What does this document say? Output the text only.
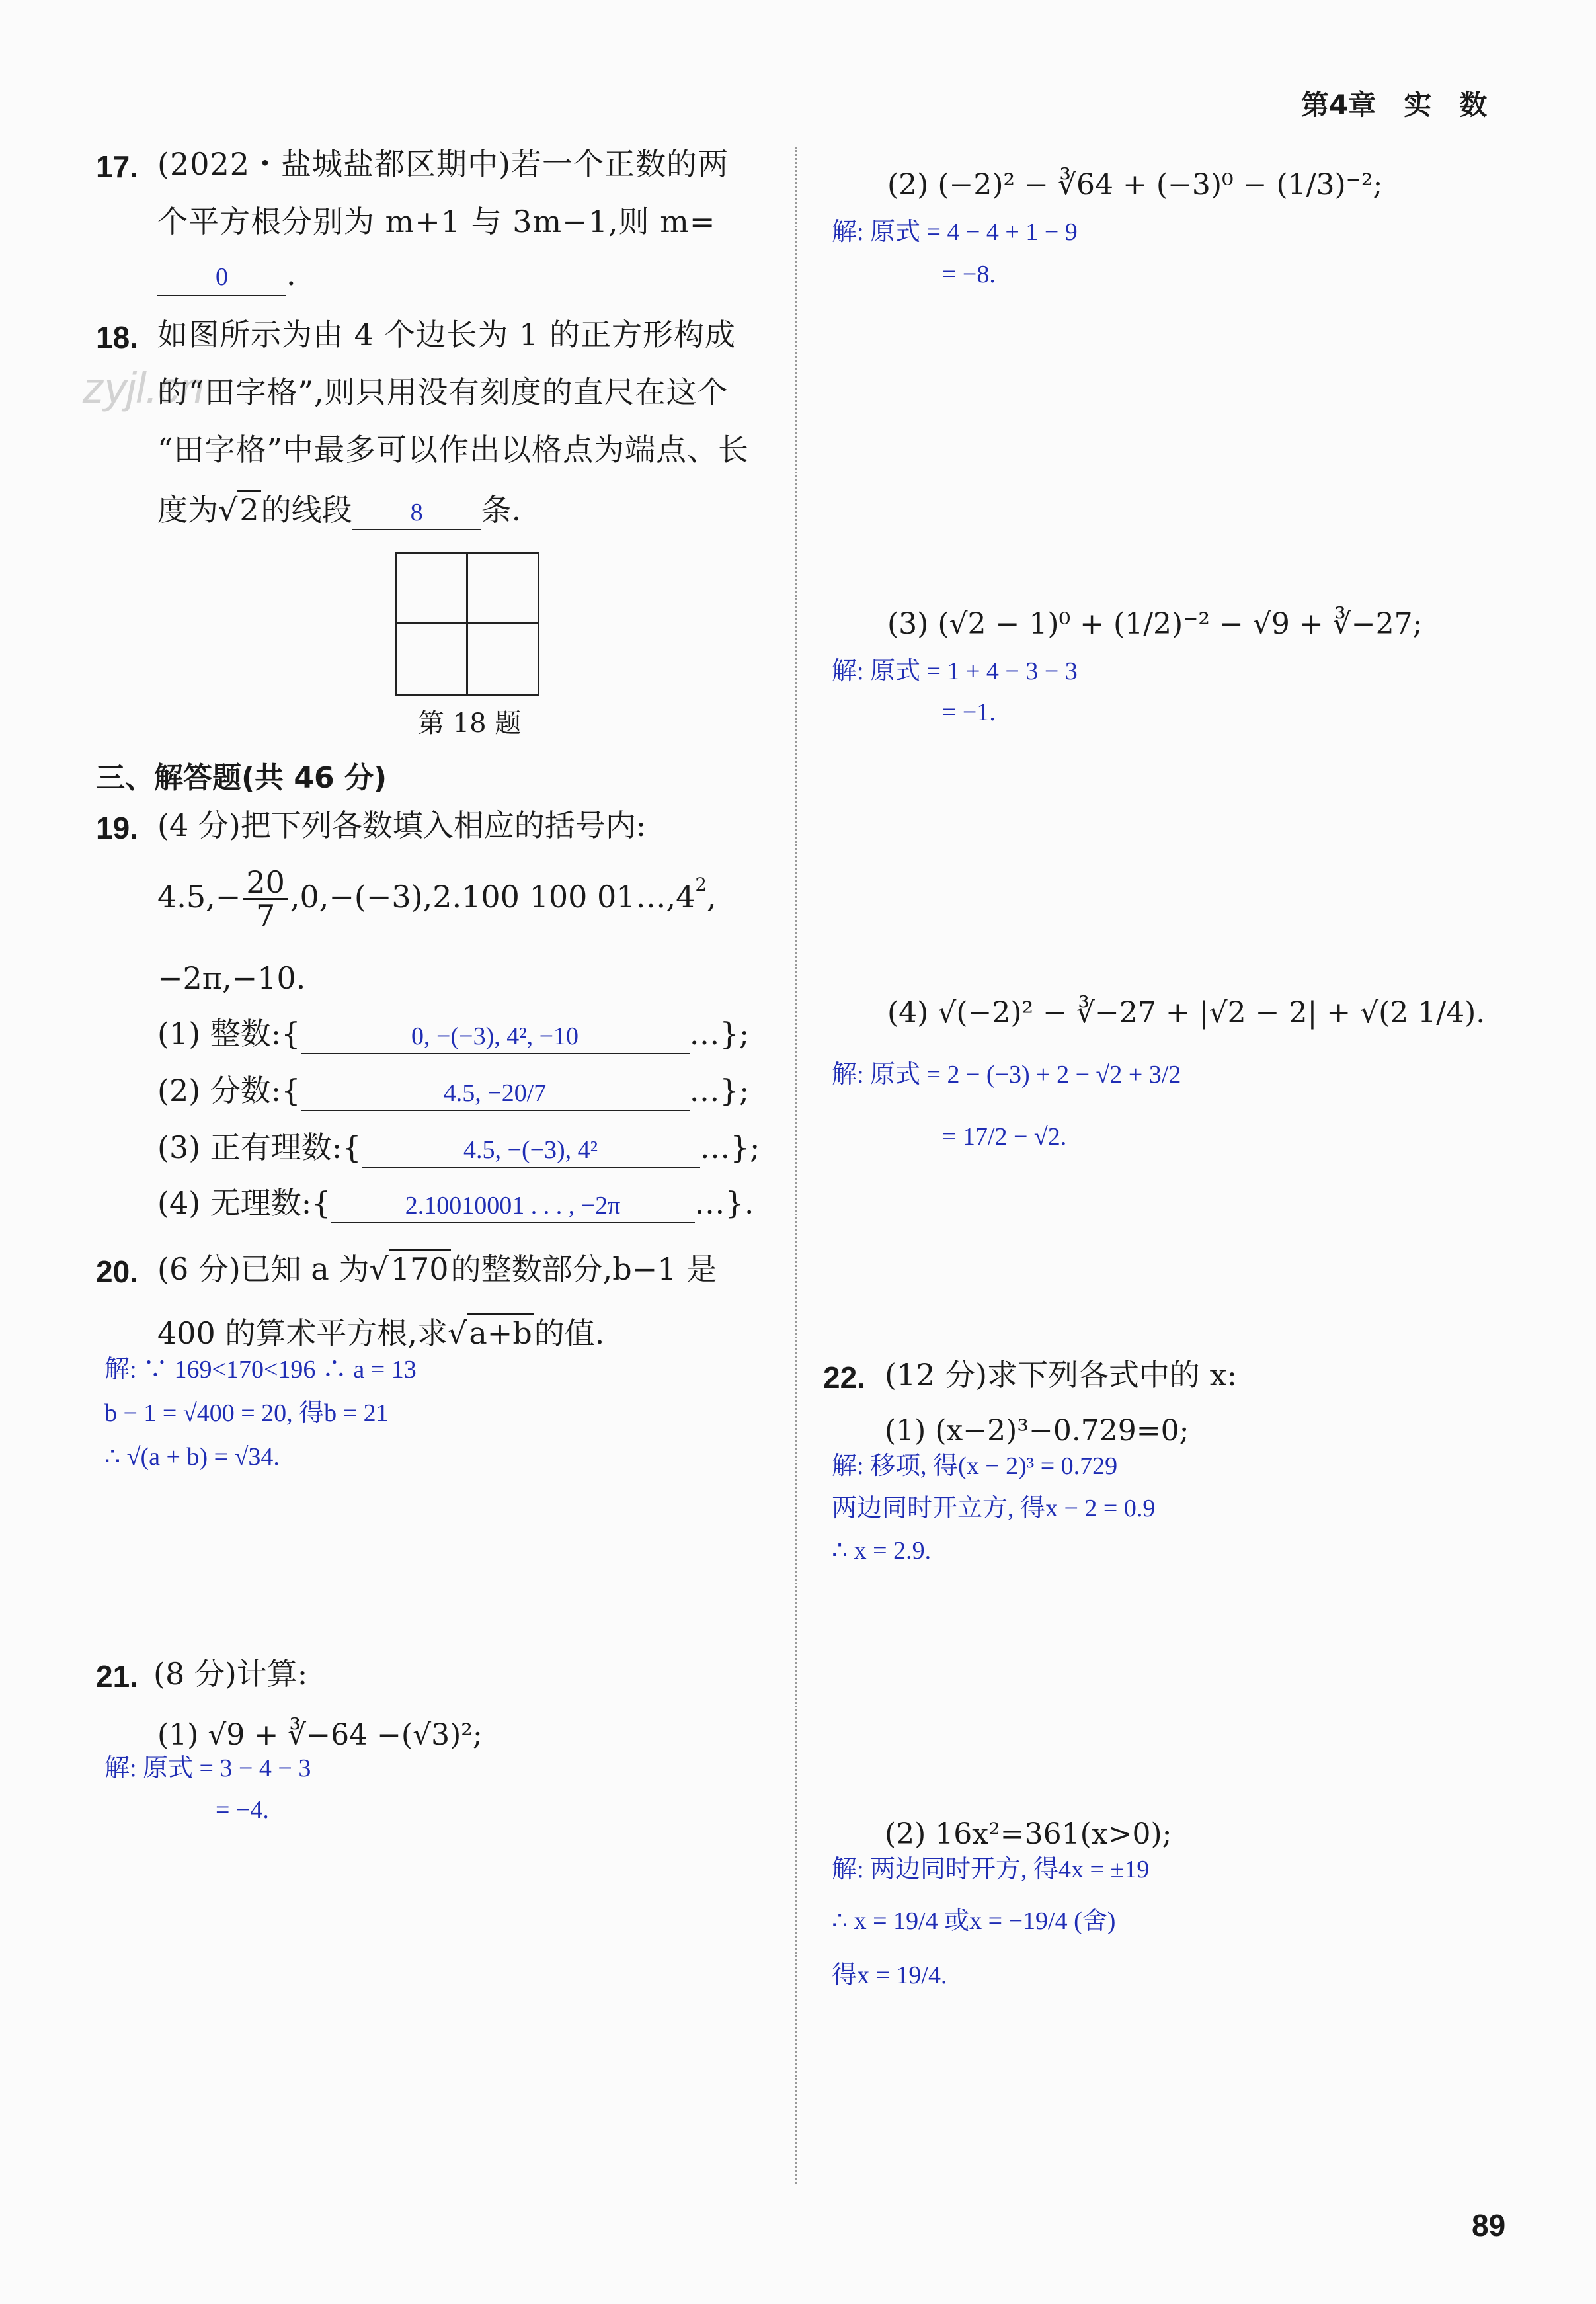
zyjl.cn
第4章　实　数
89
17. (2022・盐城盐都区期中)若一个正数的两
个平方根分别为 m+1 与 3m−1,则 m=
0 .
18. 如图所示为由 4 个边长为 1 的正方形构成
的“田字格”,则只用没有刻度的直尺在这个
“田字格”中最多可以作出以格点为端点、长
度为√2的线段 8 条.
第 18 题
三、解答题(共 46 分)
19. (4 分)把下列各数填入相应的括号内:
$4.5,- \frac{20}{7} ,0,-(-3),2.100$ 100 $01\dots,4^2$,
−2π,−10.
(1) 整数:{	0, −(−3), 4², −10	…};
(2) 分数:{	4.5, −20/7	…};
(3) 正有理数:{	4.5, −(−3), 4²	…};
(4) 无理数:{	2.10010001 . . . , −2π …}.
20. (6 分)已知 a 为√170的整数部分,b−1 是
400 的算术平方根,求√a+b的值.
解: ∵ 169<170<196 ∴ a = 13
b − 1 = √400 = 20, 得b = 21
∴ √(a + b) = √34.
21. (8 分)计算:
(1) √9 + ∛−64 −(√3)²;
解: 原式 = 3 − 4 − 3
= −4.
(2) (−2)² − ∛64 + (−3)⁰ − (1/3)⁻²;
解: 原式 = 4 − 4 + 1 − 9
= −8.
(3) (√2 − 1)⁰ + (1/2)⁻² − √9 + ∛−27;
解: 原式 = 1 + 4 − 3 − 3
= −1.
(4) √(−2)² − ∛−27 + |√2 − 2| + √(2 1/4).
解: 原式 = 2 − (−3) + 2 − √2 + 3/2
= 17/2 − √2.
22. (12 分)求下列各式中的 x:
(1) (x−2)³−0.729=0;
解: 移项, 得(x − 2)³ = 0.729
两边同时开立方, 得x − 2 = 0.9
∴ x = 2.9.
(2) 16x²=361(x>0);
解: 两边同时开方, 得4x = ±19
∴ x = 19/4 或x = −19/4 (舍)
得x = 19/4.
